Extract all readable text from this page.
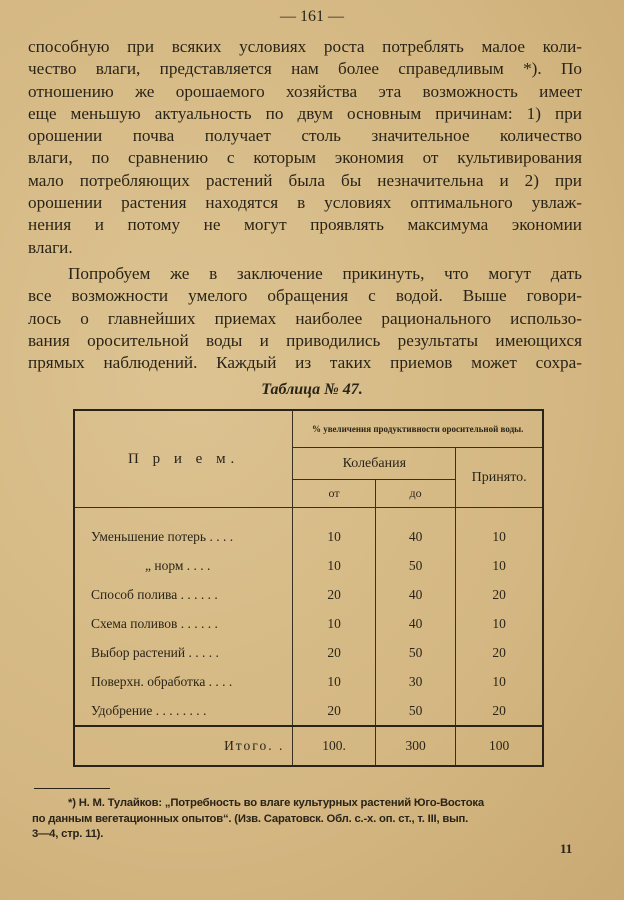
— 161 —
способную при всяких условиях роста потреблять малое коли-
чество влаги, представляется нам более справедливым *). По
отношению же орошаемого хозяйства эта возможность имеет
еще меньшую актуальность по двум основным причинам: 1) при
орошении почва получает столь значительное количество
влаги, по сравнению с которым экономия от культивирования
мало потребляющих растений была бы незначительна и 2) при
орошении растения находятся в условиях оптимального увлаж-
нения и потому не могут проявлять максимума экономии
влаги.
Попробуем же в заключение прикинуть, что могут дать
все возможности умелого обращения с водой. Выше говори-
лось о главнейших приемах наиболее рационального использо-
вания оросительной воды и приводились результаты имеющихся
прямых наблюдений. Каждый из таких приемов может сохра-
Таблица № 47.
П р и е м.	% увеличения продуктивности оросительной воды.		
	Колебания		Принято.
	от	до	
Уменьшение потерь . . . .	10	40	10
„ норм . . . .	10	50	10
Способ полива . . . . . .	20	40	20
Схема поливов . . . . . .	10	40	10
Выбор растений . . . . .	20	50	20
Поверхн. обработка . . . .	10	30	10
Удобрение . . . . . . . .	20	50	20
Итого. .	100.	300	100
*) Н. М. Тулайков: „Потребность во влаге культурных растений Юго-Востока
по данным вегетационных опытов“. (Изв. Саратовск. Обл. с.-х. оп. ст., т. III, вып.
3—4, стр. 11).
11
